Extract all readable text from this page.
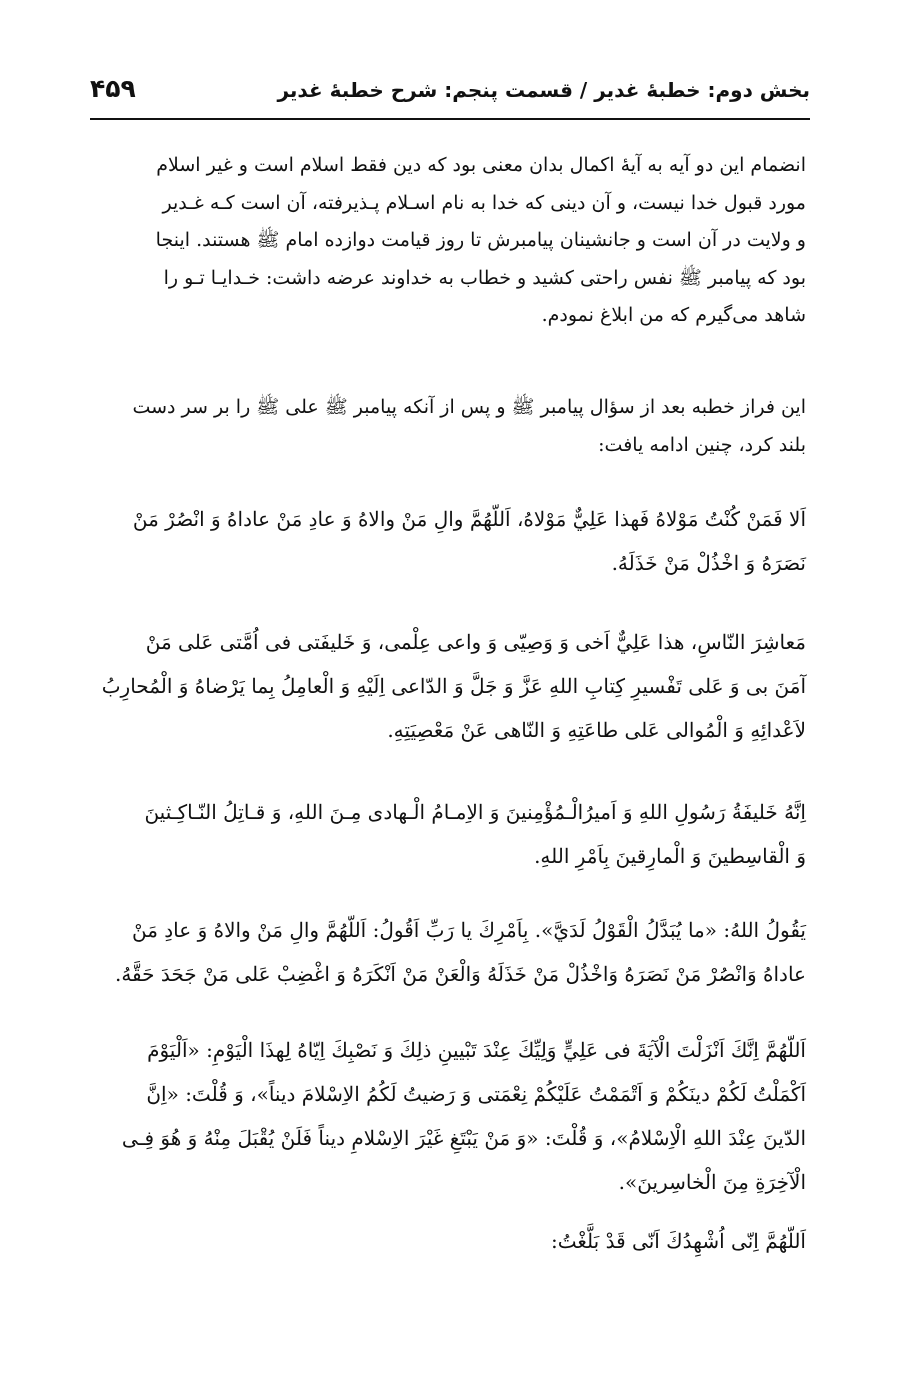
بخش دوم: خطبهٔ غدیر / قسمت پنجم: شرح خطبهٔ غدیر
۴۵۹
انضمام این دو آیه به آیهٔ اکمال بدان معنی بود که دین فقط اسلام است و غیر اسلام
مورد قبول خدا نیست، و آن دینی که خدا به نام اسـلام پـذیرفته، آن است کـه غـدیر
و ولایت در آن است و جانشینان پیامبرش تا روز قیامت دوازده امام ﷺ هستند. اینجا
بود که پیامبر ﷺ نفس راحتی کشید و خطاب به خداوند عرضه داشت: خـدایـا تـو را
شاهد می‌گیرم که من ابلاغ نمودم.
این فراز خطبه بعد از سؤال پیامبر ﷺ و پس از آنکه پیامبر ﷺ علی ﷺ را بر سر دست
بلند کرد، چنین ادامه یافت:
اَلا فَمَنْ كُنْتُ مَوْلاهُ فَهذا عَلِيٌّ مَوْلاهُ، اَللّهُمَّ والِ مَنْ والاهُ وَ عادِ مَنْ عاداهُ وَ انْصُرْ مَنْ
نَصَرَهُ وَ اخْذُلْ مَنْ خَذَلَهُ.
مَعاشِرَ النّاسِ، هذا عَلِيٌّ اَخى وَ وَصِيّى وَ واعى عِلْمى، وَ خَليفَتى فى اُمَّتى عَلى مَنْ
آمَنَ بى وَ عَلى تَفْسيرِ كِتابِ اللهِ عَزَّ وَ جَلَّ وَ الدّاعى اِلَيْهِ وَ الْعامِلُ بِما يَرْضاهُ وَ الْمُحارِبُ
لاَعْدائِهِ وَ الْمُوالى عَلى طاعَتِهِ وَ النّاهى عَنْ مَعْصِيَتِهِ.
اِنَّهُ خَليفَةُ رَسُولِ اللهِ وَ اَميرُالْـمُؤْمِنينَ وَ الاِمـامُ الْـهادى مِـنَ اللهِ، وَ قـاتِلُ النّـاكِـثينَ
وَ الْقاسِطينَ وَ الْمارِقينَ بِاَمْرِ اللهِ.
يَقُولُ اللهُ: «ما يُبَدَّلُ الْقَوْلُ لَدَيَّ». بِاَمْرِكَ يا رَبِّ اَقُولُ: اَللّهُمَّ والِ مَنْ والاهُ وَ عادِ مَنْ
عاداهُ وَانْصُرْ مَنْ نَصَرَهُ وَاخْذُلْ مَنْ خَذَلَهُ وَالْعَنْ مَنْ اَنْكَرَهُ وَ اغْضِبْ عَلى مَنْ جَحَدَ حَقَّهُ.
اَللّهُمَّ اِنَّكَ اَنْزَلْتَ الْآيَةَ فى عَلِيٍّ وَلِيِّكَ عِنْدَ تَبْيينِ ذلِكَ وَ نَصْبِكَ اِيّاهُ لِهذَا الْيَوْمِ: «اَلْيَوْمَ
اَكْمَلْتُ لَكُمْ دينَكُمْ وَ اَتْمَمْتُ عَلَيْكُمْ نِعْمَتى وَ رَضيتُ لَكُمُ الاِسْلامَ ديناً»، وَ قُلْتَ: «اِنَّ
الدّينَ عِنْدَ اللهِ الْاِسْلامُ»، وَ قُلْتَ: «وَ مَنْ يَبْتَغِ غَيْرَ الاِسْلامِ ديناً فَلَنْ يُقْبَلَ مِنْهُ وَ هُوَ فِـى
الْآخِرَةِ مِنَ الْخاسِرينَ».
اَللّهُمَّ اِنّى اُشْهِدُكَ اَنّى قَدْ بَلَّغْتُ:
